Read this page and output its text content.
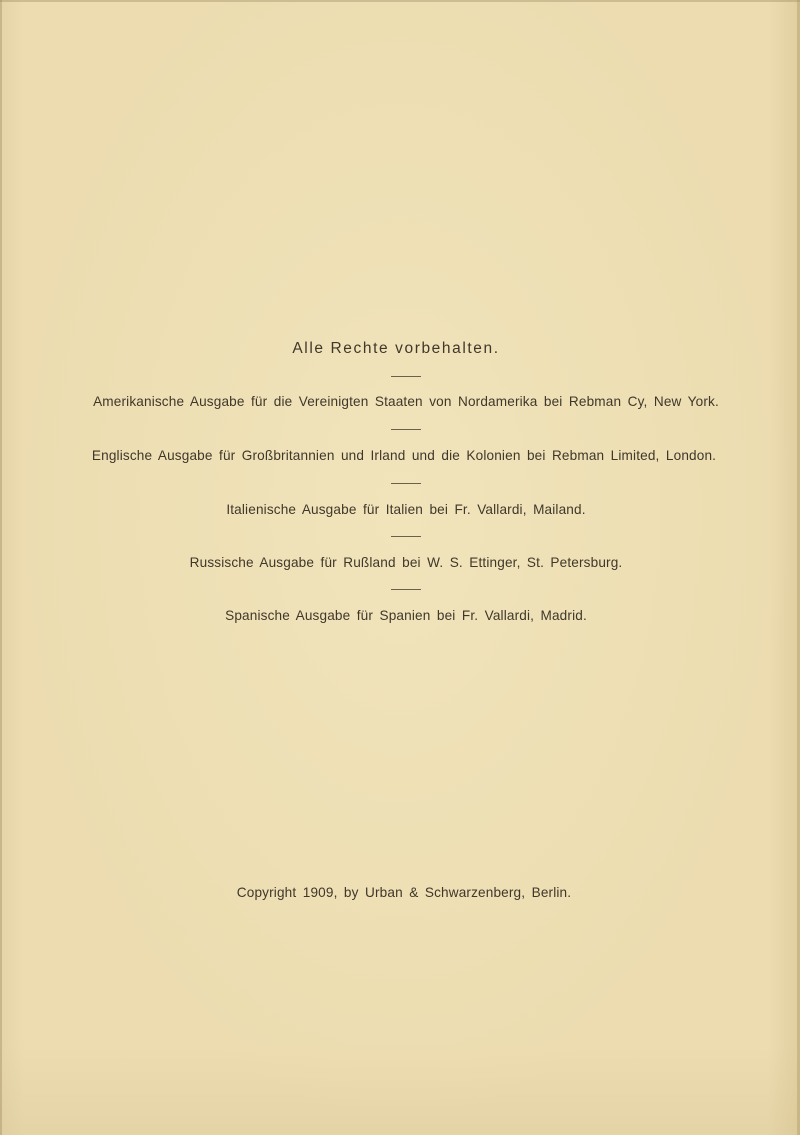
Alle Rechte vorbehalten.
Amerikanische Ausgabe für die Vereinigten Staaten von Nordamerika bei Rebman Cy, New York.
Englische Ausgabe für Großbritannien und Irland und die Kolonien bei Rebman Limited, London.
Italienische Ausgabe für Italien bei Fr. Vallardi, Mailand.
Russische Ausgabe für Rußland bei W. S. Ettinger, St. Petersburg.
Spanische Ausgabe für Spanien bei Fr. Vallardi, Madrid.
Copyright 1909, by Urban & Schwarzenberg, Berlin.
